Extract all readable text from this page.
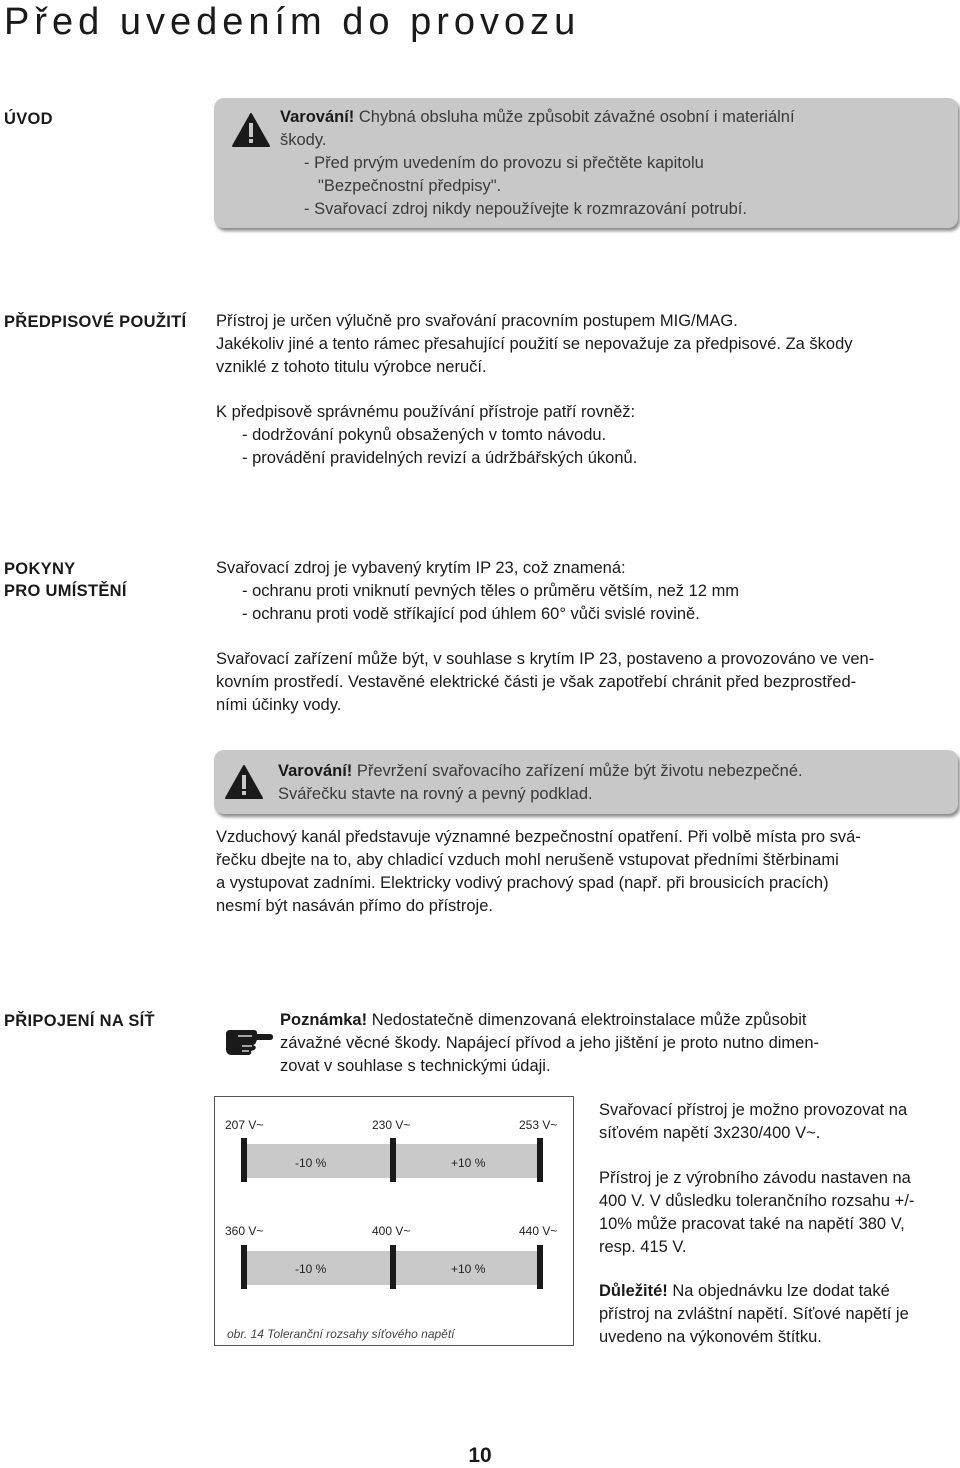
Před uvedením do provozu
ÚVOD	Varování! Chybná obsluha může způsobit závažné osobní i materiální
škody.
- Před prvým uvedením do provozu si přečtěte kapitolu
"Bezpečnostní předpisy".
- Svařovací zdroj nikdy nepoužívejte k rozmrazování potrubí.
PŘEDPISOVÉ POUŽITÍ Přístroj je určen výlučně pro svařování pracovním postupem MIG/MAG.
Jakékoliv jiné a tento rámec přesahující použití se nepovažuje za předpisové. Za škody
vzniklé z tohoto titulu výrobce neručí.
K předpisově správnému používání přístroje patří rovněž:
- dodržování pokynů obsažených v tomto návodu.
- provádění pravidelných revizí a údržbářských úkonů.
POKYNY
PRO UMÍSTĚNÍ
Svařovací zdroj je vybavený krytím IP 23, což znamená:
- ochranu proti vniknutí pevných těles o průměru větším, než 12 mm
- ochranu proti vodě stříkající pod úhlem 60° vůči svislé rovině.
Svařovací zařízení může být, v souhlase s krytím IP 23, postaveno a provozováno ve ven-
kovním prostředí. Vestavěné elektrické části je však zapotřebí chránit před bezprostřed-
ními účinky vody.
Varování! Převržení svařovacího zařízení může být životu nebezpečné.
Svářečku stavte na rovný a pevný podklad.
Vzduchový kanál představuje významné bezpečnostní opatření. Při volbě místa pro svá-
řečku dbejte na to, aby chladicí vzduch mohl nerušeně vstupovat předními štěrbinami
a vystupovat zadními. Elektricky vodivý prachový spad (např. při brousicích pracích)
nesmí být nasáván přímo do přístroje.
PŘIPOJENÍ NA SÍŤ	Poznámka! Nedostatečně dimenzovaná elektroinstalace může způsobit
závažné věcné škody. Napájecí přívod a jeho jištění je proto nutno dimen-
zovat v souhlase s technickými údaji.
207 V~	230 V~	253 V~
-10 %	+10 %
360 V~	400 V~	440 V~
-10 %	+10 %
obr. 14 Toleranční rozsahy síťového napětí
Svařovací přístroj je možno provozovat na
síťovém napětí 3x230/400 V~.
Přístroj je z výrobního závodu nastaven na
400 V. V důsledku tolerančního rozsahu +/-
10% může pracovat také na napětí 380 V,
resp. 415 V.
Důležité! Na objednávku lze dodat také
přístroj na zvláštní napětí. Síťové napětí je
uvedeno na výkonovém štítku.
10
